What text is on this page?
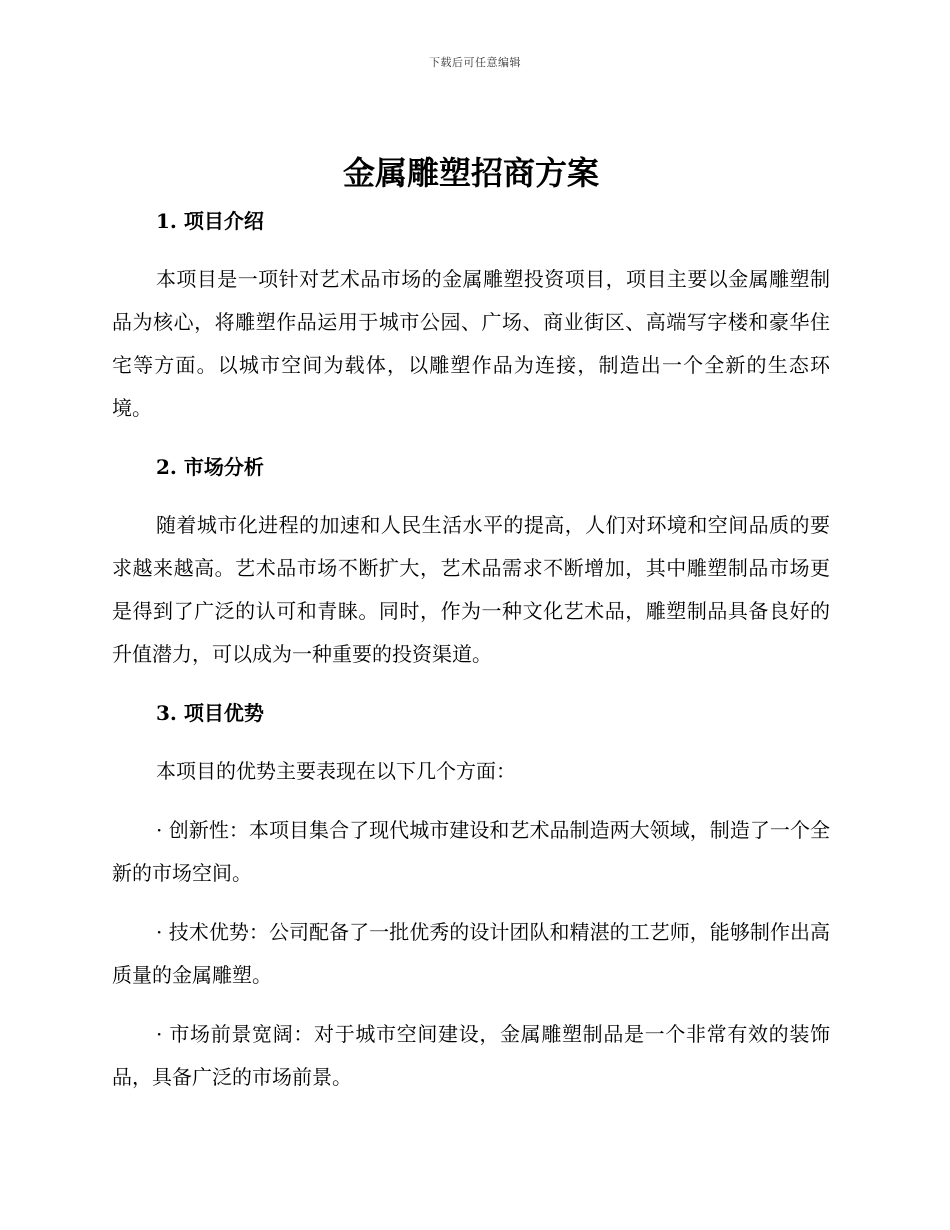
下载后可任意编辑
金属雕塑招商方案
1. 项目介绍

本项目是一项针对艺术品市场的金属雕塑投资项目，项目主要以金属雕塑制品为核心，将雕塑作品运用于城市公园、广场、商业街区、高端写字楼和豪华住宅等方面。以城市空间为载体，以雕塑作品为连接，制造出一个全新的生态环境。

2. 市场分析

随着城市化进程的加速和人民生活水平的提高，人们对环境和空间品质的要求越来越高。艺术品市场不断扩大，艺术品需求不断增加，其中雕塑制品市场更是得到了广泛的认可和青睐。同时，作为一种文化艺术品，雕塑制品具备良好的升值潜力，可以成为一种重要的投资渠道。

3. 项目优势

本项目的优势主要表现在以下几个方面：

· 创新性：本项目集合了现代城市建设和艺术品制造两大领域，制造了一个全新的市场空间。

· 技术优势：公司配备了一批优秀的设计团队和精湛的工艺师，能够制作出高质量的金属雕塑。

· 市场前景宽阔：对于城市空间建设，金属雕塑制品是一个非常有效的装饰品，具备广泛的市场前景。
